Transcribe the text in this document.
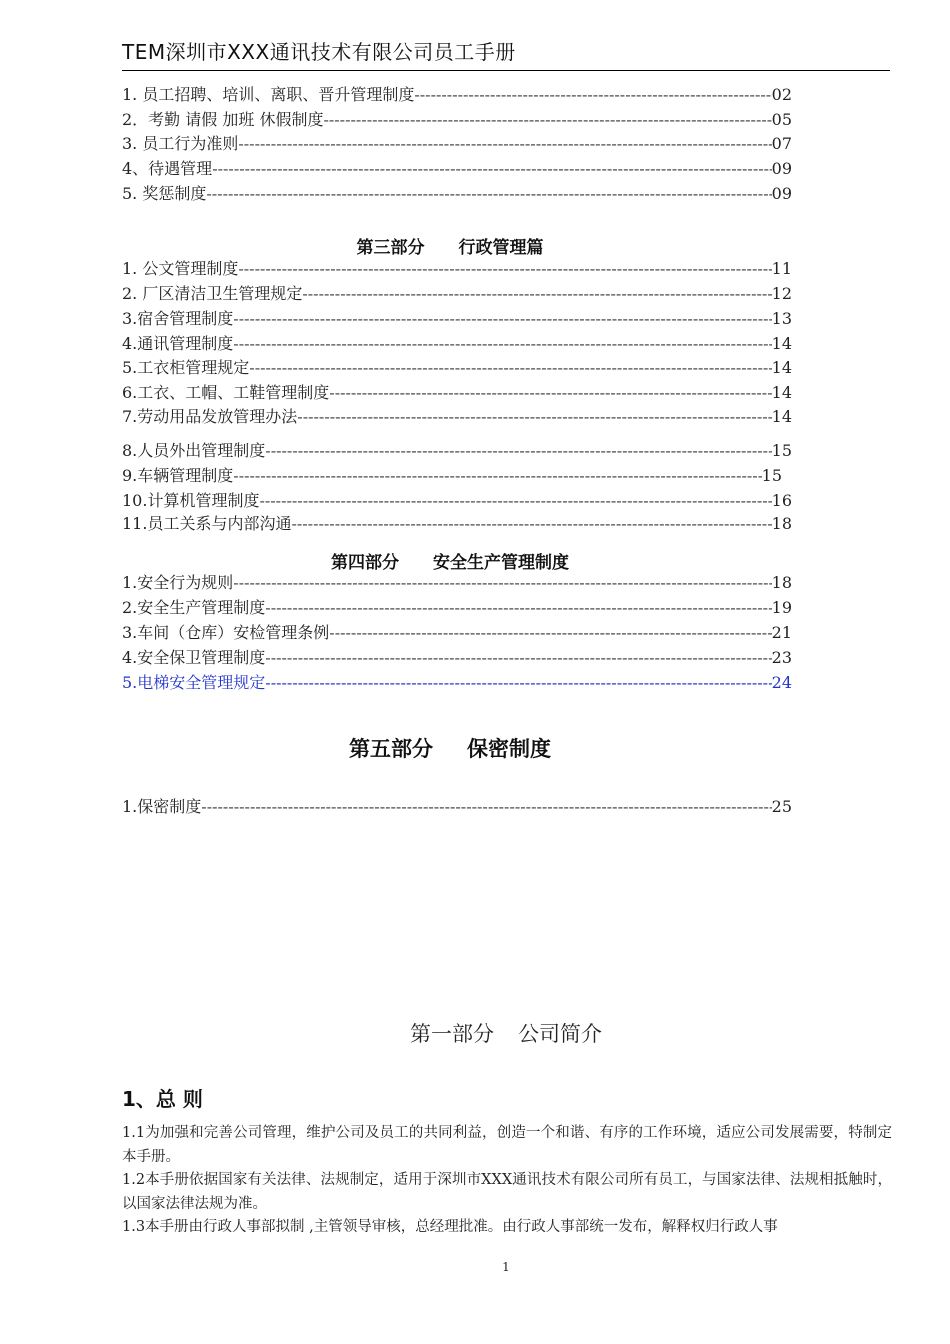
TEM深圳市XXX通讯技术有限公司员工手册
1. 员工招聘、培训、离职、晋升管理制度 -----	02
2．考勤 请假 加班 休假制度 -----	05
3. 员工行为准则 -----	07
4、待遇管理 -----	09
5. 奖惩制度 -----	09
第三部分 行政管理篇
1. 公文管理制度 -----	11
2. 厂区清洁卫生管理规定 -----	12
3.宿舍管理制度 -----	13
4.通讯管理制度 -----	14
5.工衣柜管理规定 -----	14
6.工衣、工帽、工鞋管理制度 -----	14
7.劳动用品发放管理办法 -----	14
8.人员外出管理制度 -----	15
9.车辆管理制度 -----	15
10.计算机管理制度 -----	16
11.员工关系与内部沟通 -----	18
第四部分 安全生产管理制度
1.安全行为规则 -----	18
2.安全生产管理制度 -----	19
3.车间（仓库）安检管理条例 -----	21
4.安全保卫管理制度 -----	23
5.电梯安全管理规定 -----	24
第五部分 保密制度
1.保密制度 -----	25
第一部分 公司简介
1、总 则
1.1为加强和完善公司管理，维护公司及员工的共同利益，创造一个和谐、有序的工作环境，适应公司发展需要，特制定本手册。
1.2本手册依据国家有关法律、法规制定，适用于深圳市XXX通讯技术有限公司所有员工，与国家法律、法规相抵触时，以国家法律法规为准。
1.3本手册由行政人事部拟制 ,主管领导审核，总经理批准。由行政人事部统一发布，解释权归行政人事
1
